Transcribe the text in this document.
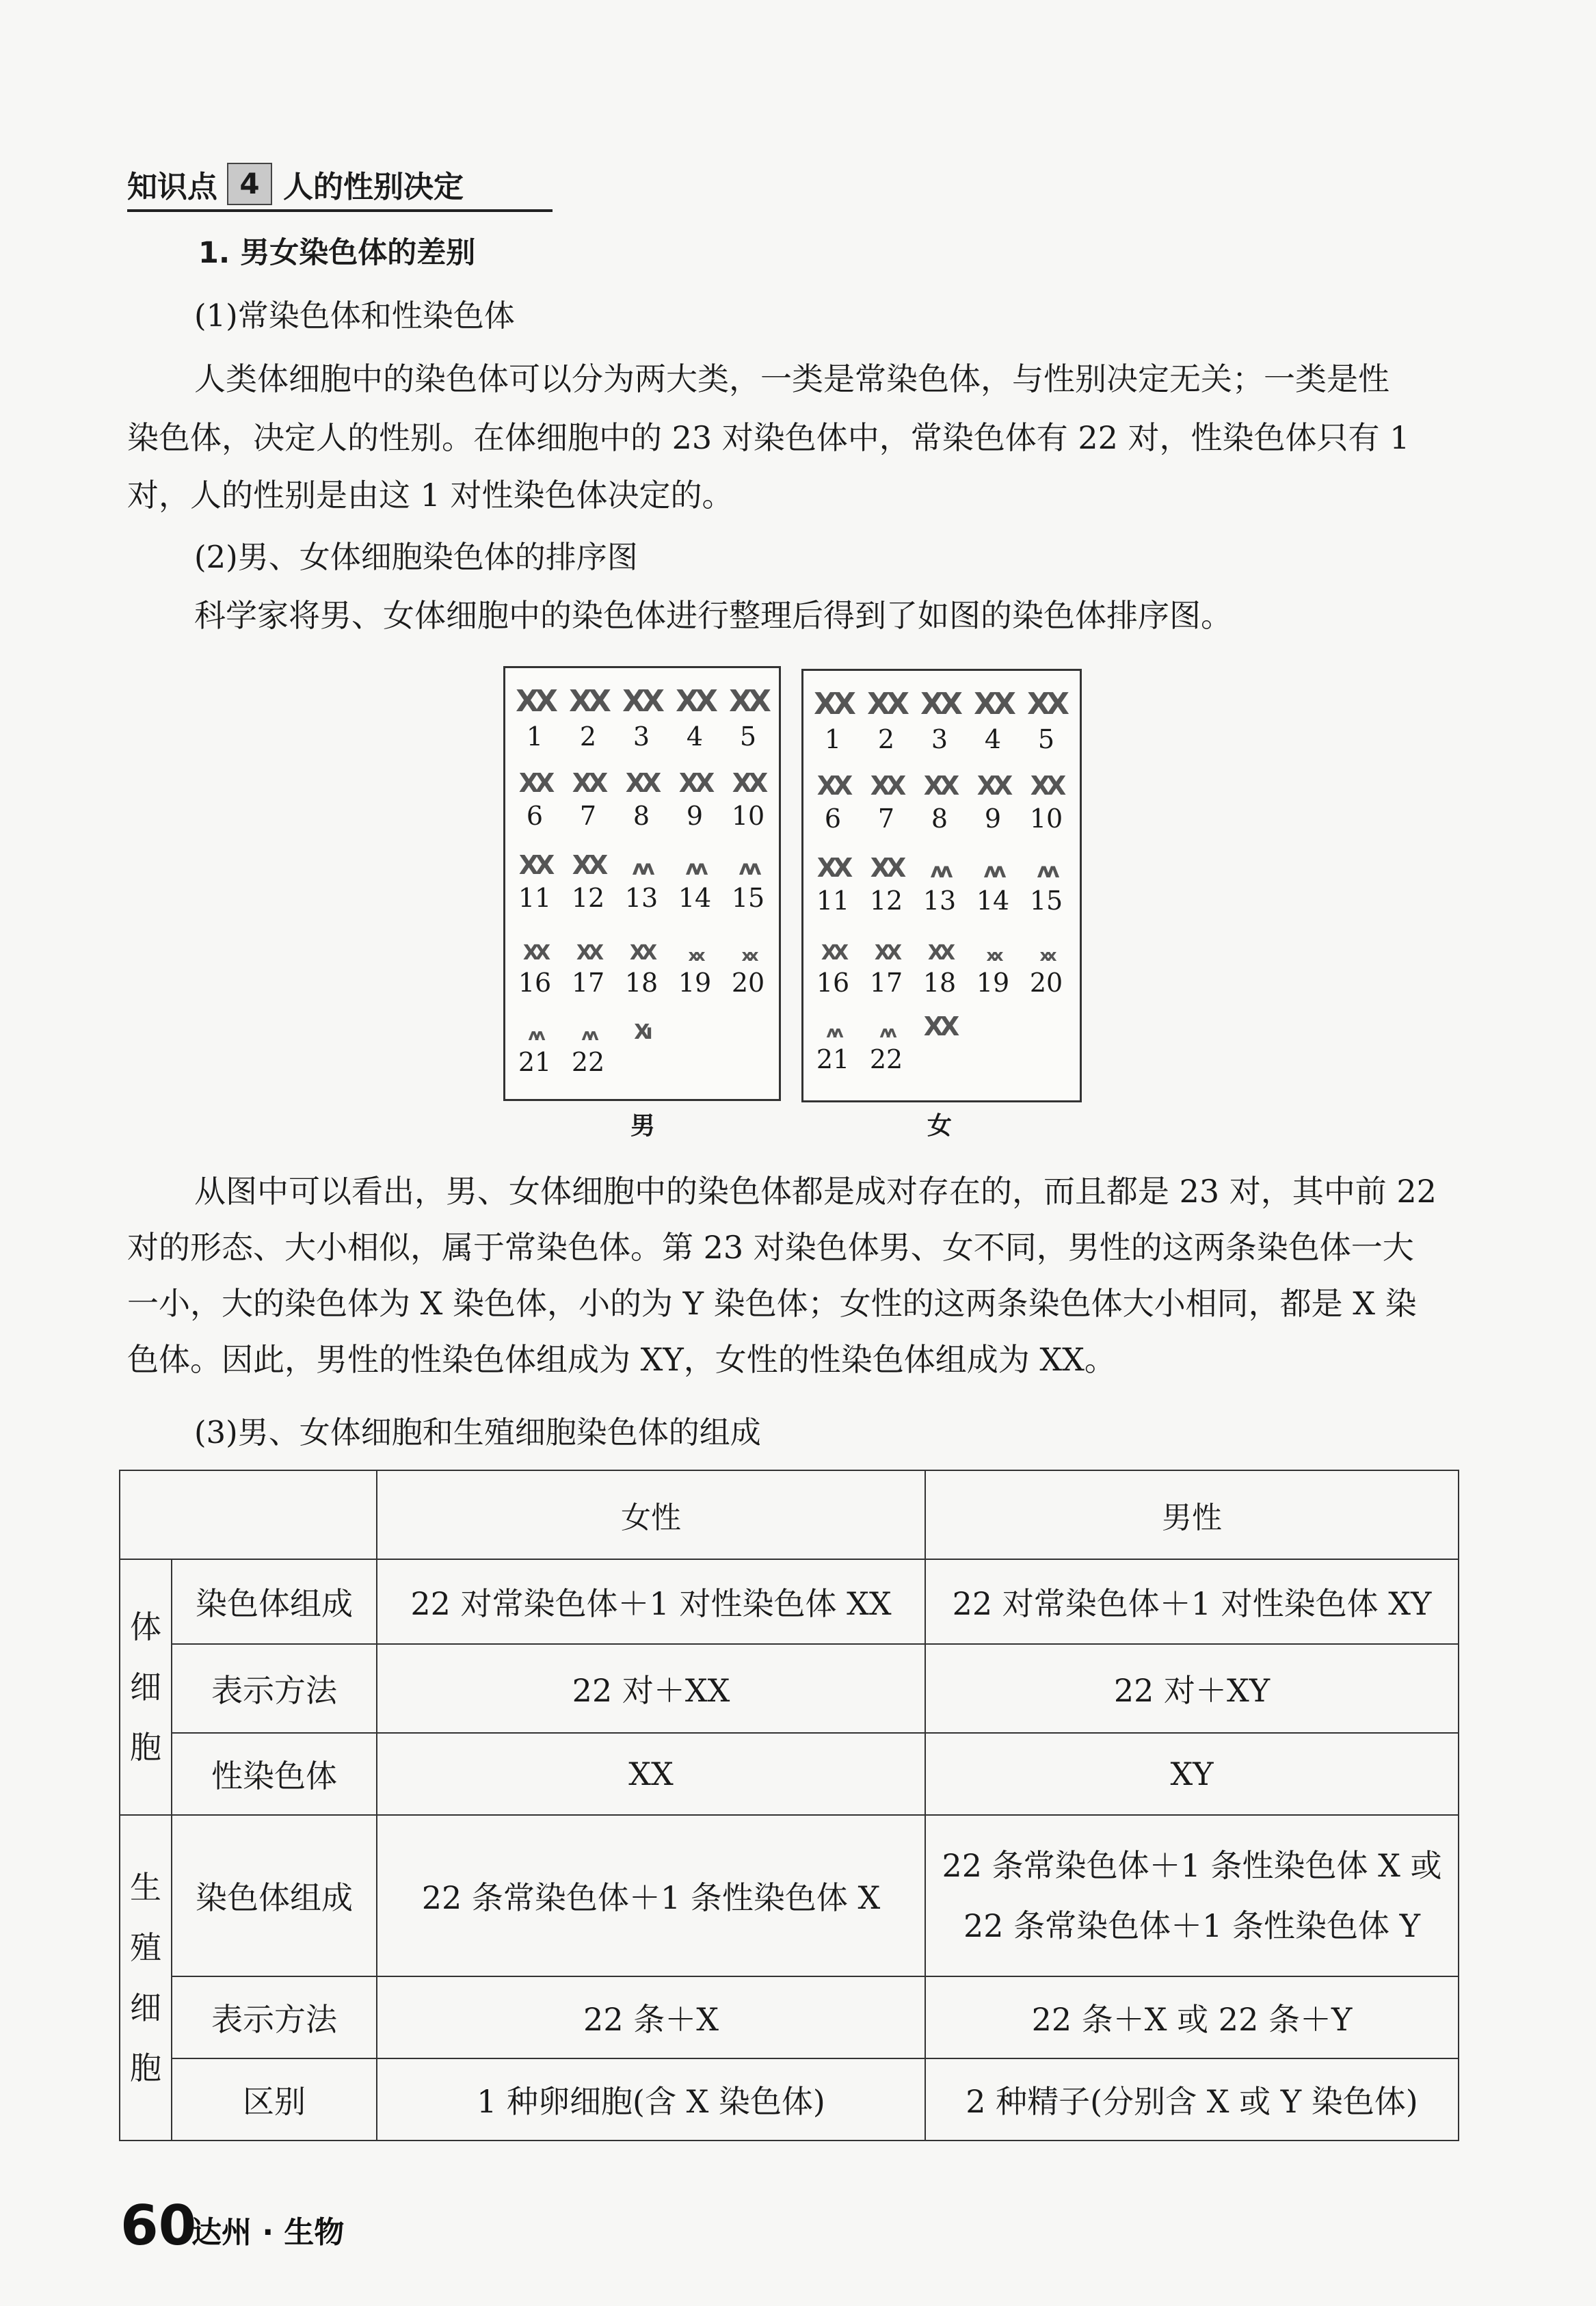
知识点 4 人的性别决定
1. 男女染色体的差别
(1)常染色体和性染色体
人类体细胞中的染色体可以分为两大类，一类是常染色体，与性别决定无关；一类是性
染色体，决定人的性别。在体细胞中的 23 对染色体中，常染色体有 22 对，性染色体只有 1
对，人的性别是由这 1 对性染色体决定的。
(2)男、女体细胞染色体的排序图
科学家将男、女体细胞中的染色体进行整理后得到了如图的染色体排序图。
ХХ
1
ХХ
2
ХХ
3
ХХ
4
ХХ
5
ХХ
6
ХХ
7
ХХ
8
ХХ
9
ХХ
10
ХХ
11
ХХ
12
ʌʌ
13
ʌʌ
14
ʌʌ
15
ХХ
16
ХХ
17
ХХ
18
хх
19
хх
20
ʌʌ
21
ʌʌ
22
Хı
男
ХХ
1
ХХ
2
ХХ
3
ХХ
4
ХХ
5
ХХ
6
ХХ
7
ХХ
8
ХХ
9
ХХ
10
ХХ
11
ХХ
12
ʌʌ
13
ʌʌ
14
ʌʌ
15
ХХ
16
ХХ
17
ХХ
18
хх
19
хх
20
ʌʌ
21
ʌʌ
22
ХХ
女
从图中可以看出，男、女体细胞中的染色体都是成对存在的，而且都是 23 对，其中前 22
对的形态、大小相似，属于常染色体。第 23 对染色体男、女不同，男性的这两条染色体一大
一小，大的染色体为 X 染色体，小的为 Y 染色体；女性的这两条染色体大小相同，都是 X 染
色体。因此，男性的性染色体组成为 XY，女性的性染色体组成为 XX。
(3)男、女体细胞和生殖细胞染色体的组成
		女性	男性

体
细
胞	染色体组成	22 对常染色体＋1 对性染色体 XX	22 对常染色体＋1 对性染色体 XY
	表示方法	22 对＋XX	22 对＋XY
	性染色体	XX	XY

生
殖
细
胞	染色体组成	22 条常染色体＋1 条性染色体 X	22 条常染色体＋1 条性染色体 X 或
22 条常染色体＋1 条性染色体 Y

	表示方法	22 条＋X	22 条＋X 或 22 条＋Y
	区别	1 种卵细胞(含 X 染色体)	2 种精子(分别含 X 或 Y 染色体)
60
达州 · 生物
